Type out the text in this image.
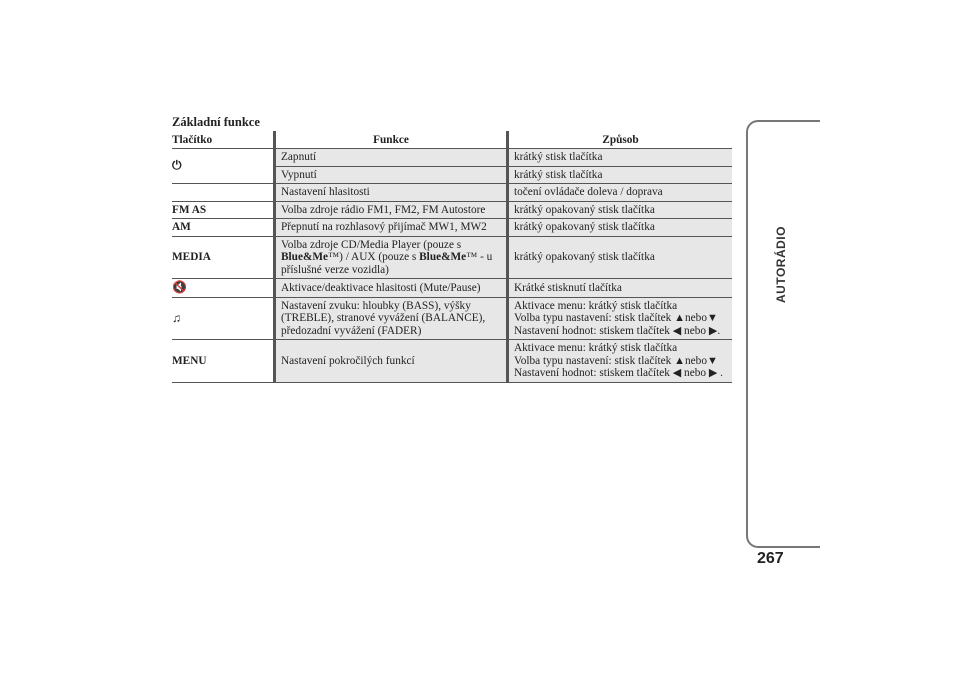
Základní funkce
Tlačítko	Funkce	Způsob
⏻	Zapnutí	krátký stisk tlačítka
	Vypnutí	krátký stisk tlačítka
	Nastavení hlasitosti	točení ovládače doleva / doprava
FM AS	Volba zdroje rádio FM1, FM2, FM Autostore	krátký opakovaný stisk tlačítka
AM	Přepnutí na rozhlasový přijímač MW1, MW2	krátký opakovaný stisk tlačítka
MEDIA	Volba zdroje CD/Media Player (pouze s
Blue&Me™) / AUX (pouze s Blue&Me™ - u
příslušné verze vozidla)	krátký opakovaný stisk tlačítka
🔇	Aktivace/deaktivace hlasitosti (Mute/Pause)	Krátké stisknutí tlačítka
♫	Nastavení zvuku: hloubky (BASS), výšky
(TREBLE), stranové vyvážení (BALANCE),
předozadní vyvážení (FADER)	Aktivace menu: krátký stisk tlačítka
Volba typu nastavení: stisk tlačítek ▲nebo▼
Nastavení hodnot: stiskem tlačítek ◀ nebo ▶.
MENU	Nastavení pokročilých funkcí	Aktivace menu: krátký stisk tlačítka
Volba typu nastavení: stisk tlačítek ▲nebo▼
Nastavení hodnot: stiskem tlačítek ◀ nebo ▶ .
AUTORÁDIO
267
